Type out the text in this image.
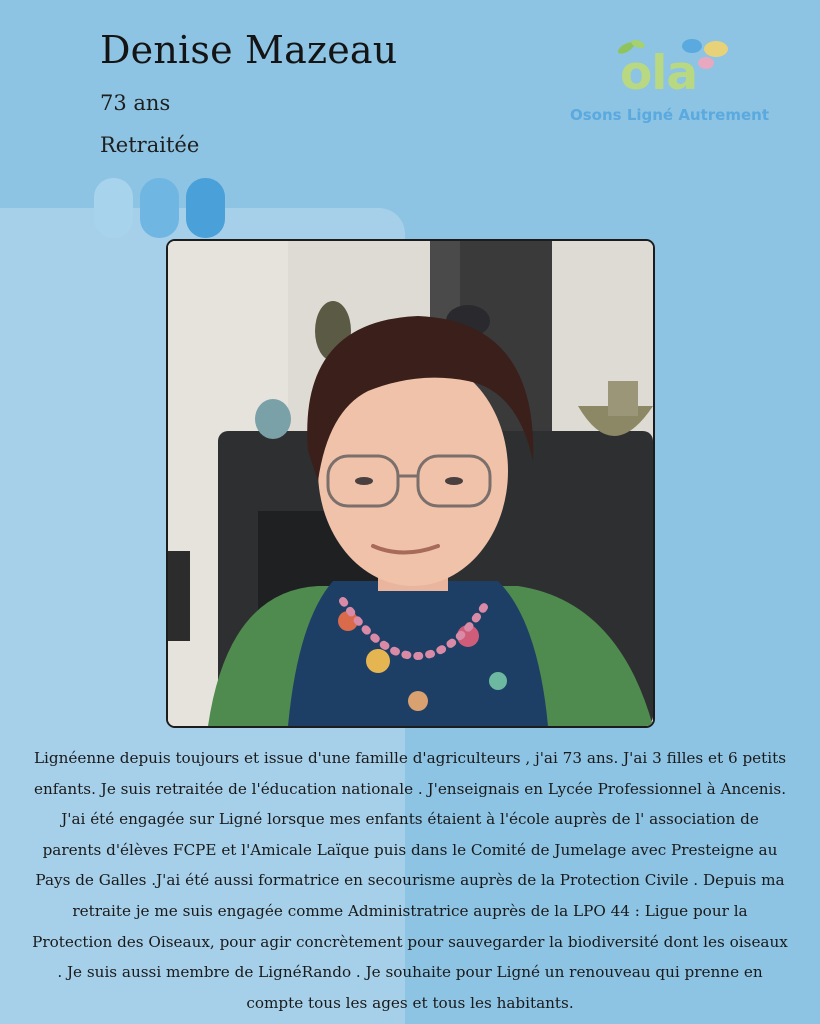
Denise Mazeau
73 ans
Retraitée
ola
Osons Ligné Autrement

Lignéenne depuis toujours et issue d'une famille d'agriculteurs , j'ai 73 ans. J'ai 3 filles et 6 petits enfants. Je suis retraitée de l'éducation nationale . J'enseignais en Lycée Professionnel à Ancenis. J'ai été engagée sur Ligné lorsque mes enfants étaient à l'école auprès de l' association de parents d'élèves FCPE et l'Amicale Laïque puis dans le Comité de Jumelage avec Presteigne au Pays de Galles .J'ai été aussi formatrice en secourisme auprès de la Protection Civile . Depuis ma retraite je me suis engagée comme Administratrice auprès de la LPO 44 : Ligue pour la Protection des Oiseaux, pour agir concrètement pour sauvegarder la biodiversité dont les oiseaux . Je suis aussi membre de LignéRando . Je souhaite pour Ligné un renouveau qui prenne en compte tous les ages et tous les habitants.
